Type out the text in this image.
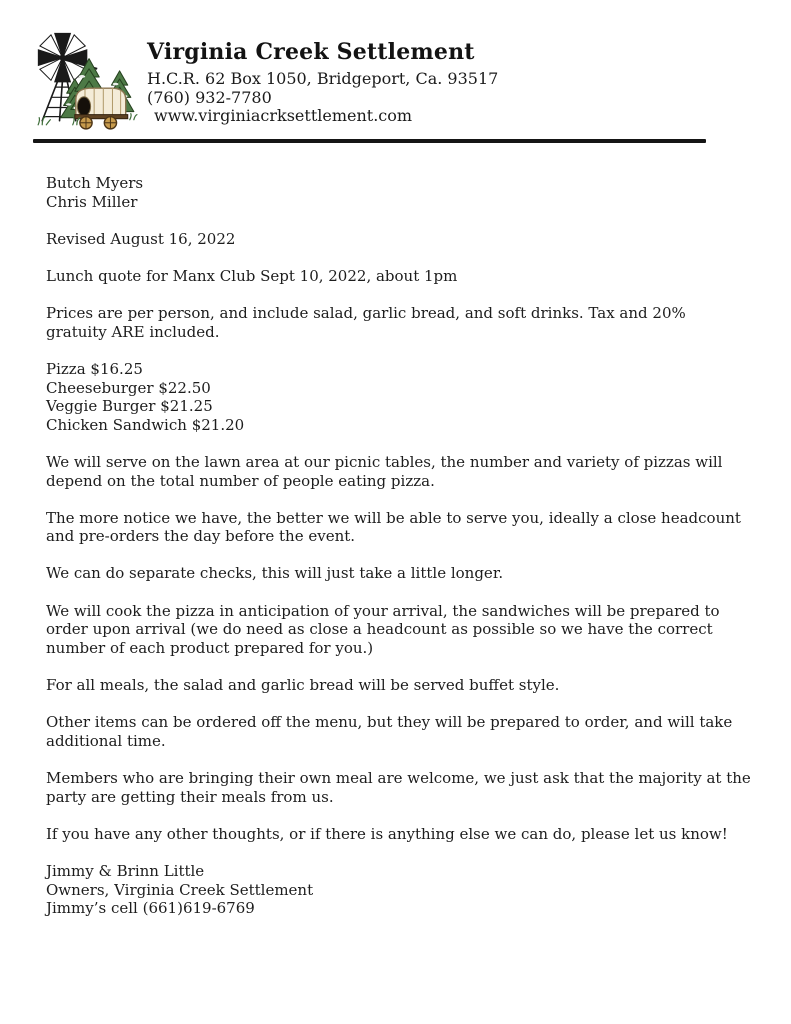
Virginia Creek Settlement
H.C.R. 62 Box 1050, Bridgeport, Ca. 93517
(760) 932-7780
www.virginiacrksettlement.com
Butch Myers
Chris Miller
Revised August 16, 2022
Lunch quote for Manx Club Sept 10, 2022, about 1pm
Prices are per person, and include salad, garlic bread, and soft drinks. Tax and 20%
gratuity ARE included.
Pizza $16.25
Cheeseburger $22.50
Veggie Burger $21.25
Chicken Sandwich $21.20
We will serve on the lawn area at our picnic tables, the number and variety of pizzas will
depend on the total number of people eating pizza.
The more notice we have, the better we will be able to serve you, ideally a close headcount
and pre-orders the day before the event.
We can do separate checks, this will just take a little longer.
We will cook the pizza in anticipation of your arrival, the sandwiches will be prepared to
order upon arrival (we do need as close a headcount as possible so we have the correct
number of each product prepared for you.)
For all meals, the salad and garlic bread will be served buffet style.
Other items can be ordered off the menu, but they will be prepared to order, and will take
additional time.
Members who are bringing their own meal are welcome, we just ask that the majority at the
party are getting their meals from us.
If you have any other thoughts, or if there is anything else we can do, please let us know!
Jimmy & Brinn Little
Owners, Virginia Creek Settlement
Jimmy’s cell (661)619-6769
